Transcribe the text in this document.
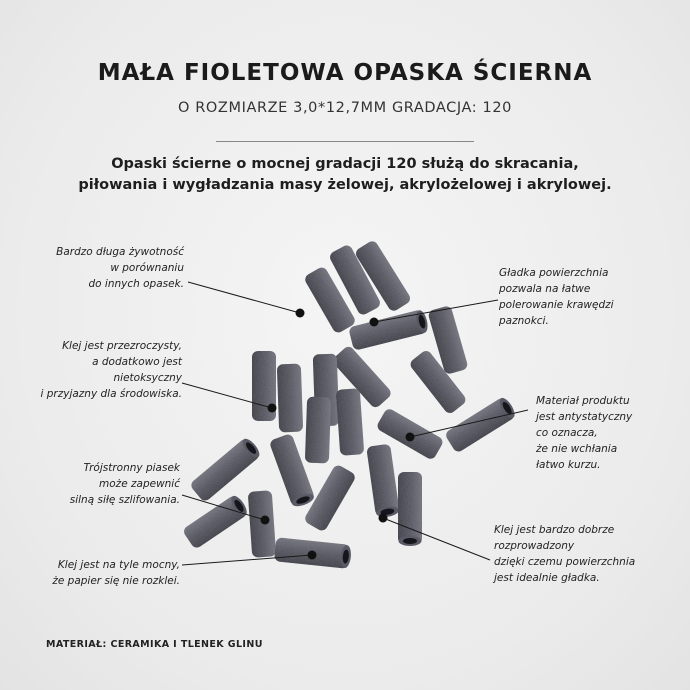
MAŁA FIOLETOWA OPASKA ŚCIERNA
O ROZMIARZE 3,0*12,7MM GRADACJA: 120
Opaski ścierne o mocnej gradacji 120 służą do skracania, piłowania i wygładzania masy żelowej, akrylożelowej i akrylowej.
Bardzo długa żywotność
w porównaniu
do innych opasek.
Klej jest przezroczysty,
a dodatkowo jest
nietoksyczny
i przyjazny dla środowiska.
Trójstronny piasek
może zapewnić
silną siłę szlifowania.
Klej jest na tyle mocny,
że papier się nie rozklei.
Gładka powierzchnia
pozwala na łatwe
polerowanie krawędzi
paznokci.
Materiał produktu
jest antystatyczny
co oznacza,
że nie wchłania
łatwo kurzu.
Klej jest bardzo dobrze
rozprowadzony
dzięki czemu powierzchnia
jest idealnie gładka.
MATERIAŁ: CERAMIKA I TLENEK GLINU
